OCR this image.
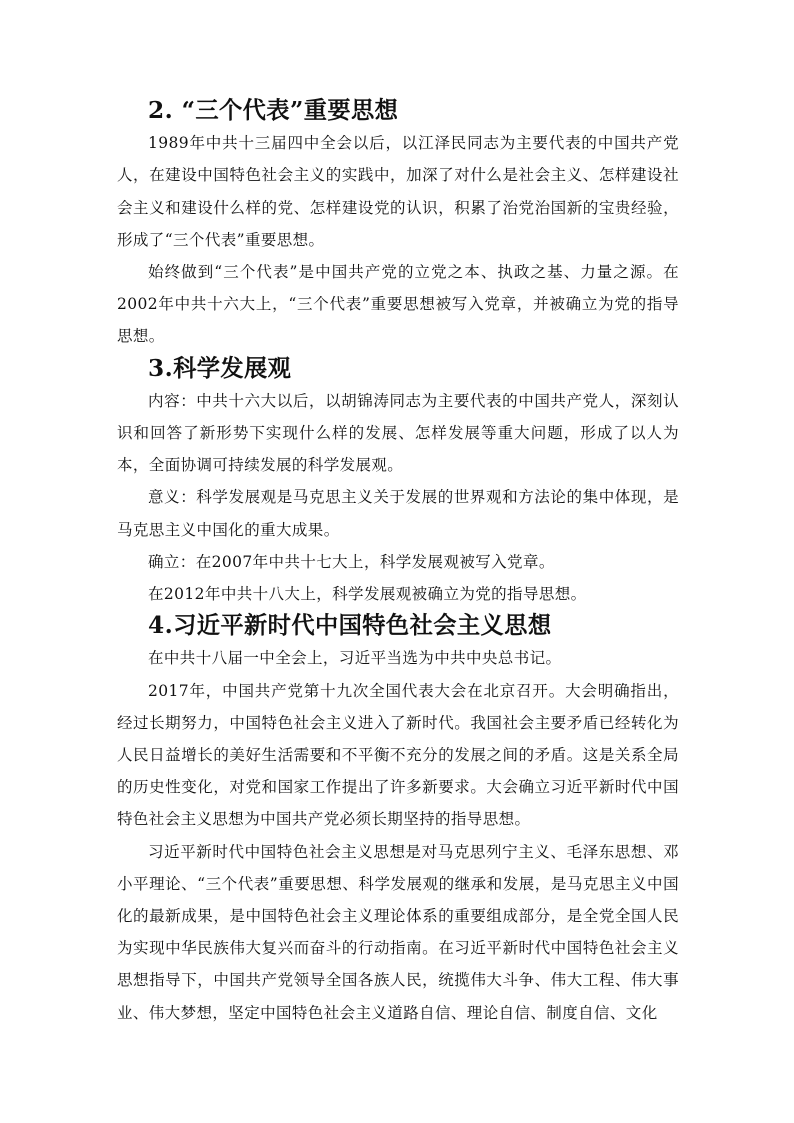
2. “三个代表”重要思想

1989年中共十三届四中全会以后，以江泽民同志为主要代表的中国共产党人，在建设中国特色社会主义的实践中，加深了对什么是社会主义、怎样建设社会主义和建设什么样的党、怎样建设党的认识，积累了治党治国新的宝贵经验，形成了“三个代表”重要思想。

始终做到“三个代表”是中国共产党的立党之本、执政之基、力量之源。在2002年中共十六大上，“三个代表”重要思想被写入党章，并被确立为党的指导思想。

3.科学发展观

内容：中共十六大以后，以胡锦涛同志为主要代表的中国共产党人，深刻认识和回答了新形势下实现什么样的发展、怎样发展等重大问题，形成了以人为本，全面协调可持续发展的科学发展观。

意义：科学发展观是马克思主义关于发展的世界观和方法论的集中体现，是马克思主义中国化的重大成果。

确立：在2007年中共十七大上，科学发展观被写入党章。

在2012年中共十八大上，科学发展观被确立为党的指导思想。

4.习近平新时代中国特色社会主义思想

在中共十八届一中全会上，习近平当选为中共中央总书记。

2017年，中国共产党第十九次全国代表大会在北京召开。大会明确指出，经过长期努力，中国特色社会主义进入了新时代。我国社会主要矛盾已经转化为人民日益增长的美好生活需要和不平衡不充分的发展之间的矛盾。这是关系全局的历史性变化，对党和国家工作提出了许多新要求。大会确立习近平新时代中国特色社会主义思想为中国共产党必须长期坚持的指导思想。

习近平新时代中国特色社会主义思想是对马克思列宁主义、毛泽东思想、邓小平理论、“三个代表”重要思想、科学发展观的继承和发展，是马克思主义中国化的最新成果，是中国特色社会主义理论体系的重要组成部分，是全党全国人民为实现中华民族伟大复兴而奋斗的行动指南。在习近平新时代中国特色社会主义思想指导下，中国共产党领导全国各族人民，统揽伟大斗争、伟大工程、伟大事业、伟大梦想，坚定中国特色社会主义道路自信、理论自信、制度自信、文化
